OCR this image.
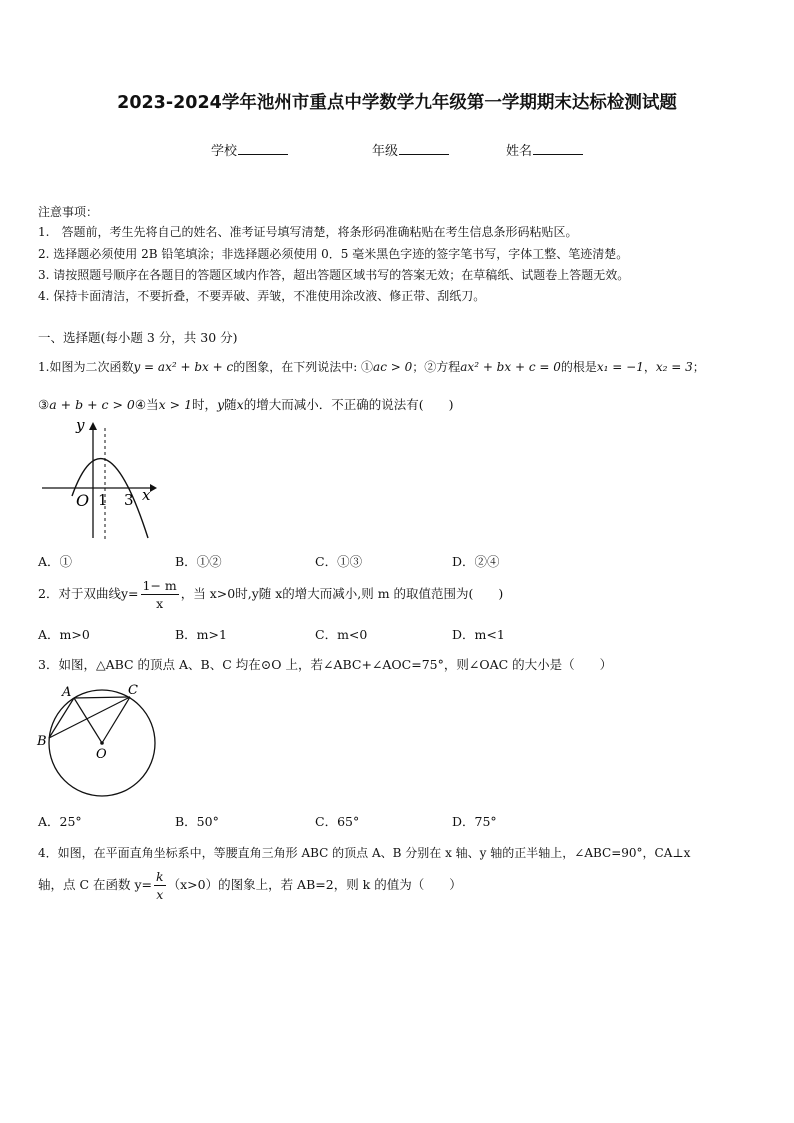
2023-2024学年池州市重点中学数学九年级第一学期期末达标检测试题
学校	年级	姓名
注意事项：
1.　答题前，考生先将自己的姓名、准考证号填写清楚，将条形码准确粘贴在考生信息条形码粘贴区。
2. 选择题必须使用 2B 铅笔填涂；非选择题必须使用 0．5 毫米黑色字迹的签字笔书写，字体工整、笔迹清楚。
3. 请按照题号顺序在各题目的答题区域内作答，超出答题区域书写的答案无效；在草稿纸、试题卷上答题无效。
4. 保持卡面清洁，不要折叠，不要弄破、弄皱，不准使用涂改液、修正带、刮纸刀。
一、选择题(每小题 3 分，共 30 分)
1.如图为二次函数y = ax² + bx + c的图象，在下列说法中: ①ac > 0；②方程ax² + bx + c = 0的根是x₁ = −1，x₂ = 3；
③a + b + c > 0④当x > 1时，y随x的增大而减小．不正确的说法有(　　)
y
x
O 1 3
A．①	B．①②	C．①③	D．②④
2．对于双曲线$y= \frac{1- m}{x}$ ，当 x>0时,y随 x的增大而减小,则 m 的取值范围为(　　)
A．m>0	B．m>1	C．m<0	D．m<1
3．如图，△ABC 的顶点 A、B、C 均在⊙O 上，若∠ABC+∠AOC=75°，则∠OAC 的大小是（　　）
A
B
C
O
A．25°	B．50°	C．65°	D．75°
4．如图，在平面直角坐标系中，等腰直角三角形 ABC 的顶点 A、B 分别在 x 轴、y 轴的正半轴上，∠ABC=90°，CA⊥x
轴，点 C 在函数 $y= \frac{k}{x} (x>0)$的图象上，若 AB=2，则 k 的值为（　　）
